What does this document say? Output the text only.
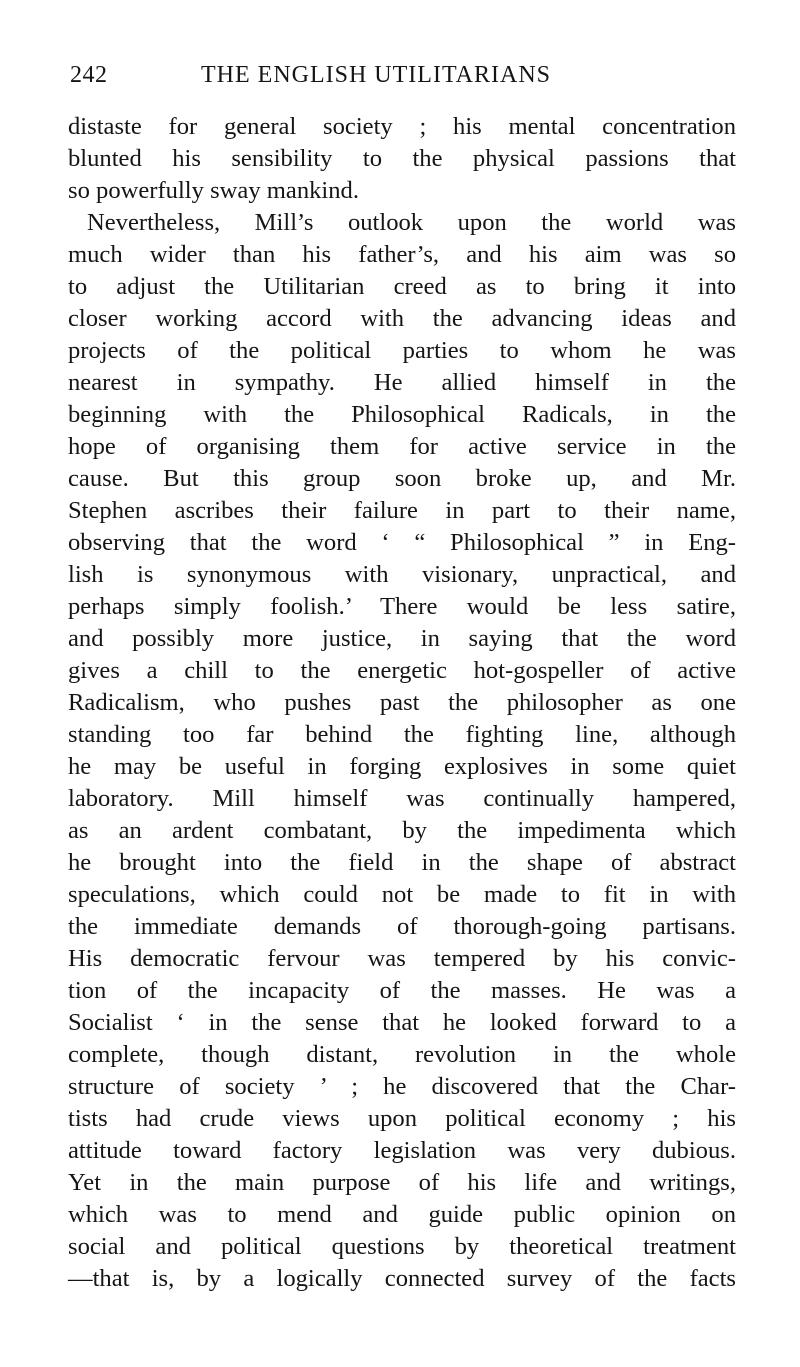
242	THE ENGLISH UTILITARIANS
distaste for general society ; his mental concentration
blunted his sensibility to the physical passions that
so powerfully sway mankind.
Nevertheless, Mill’s outlook upon the world was
much wider than his father’s, and his aim was so
to adjust the Utilitarian creed as to bring it into
closer working accord with the advancing ideas and
projects of the political parties to whom he was
nearest in sympathy. He allied himself in the
beginning with the Philosophical Radicals, in the
hope of organising them for active service in the
cause. But this group soon broke up, and Mr.
Stephen ascribes their failure in part to their name,
observing that the word ‘ “ Philosophical ” in Eng-
lish is synonymous with visionary, unpractical, and
perhaps simply foolish.’ There would be less satire,
and possibly more justice, in saying that the word
gives a chill to the energetic hot-gospeller of active
Radicalism, who pushes past the philosopher as one
standing too far behind the fighting line, although
he may be useful in forging explosives in some quiet
laboratory. Mill himself was continually hampered,
as an ardent combatant, by the impedimenta which
he brought into the field in the shape of abstract
speculations, which could not be made to fit in with
the immediate demands of thorough-going partisans.
His democratic fervour was tempered by his convic-
tion of the incapacity of the masses. He was a
Socialist ‘ in the sense that he looked forward to a
complete, though distant, revolution in the whole
structure of society ’ ; he discovered that the Char-
tists had crude views upon political economy ; his
attitude toward factory legislation was very dubious.
Yet in the main purpose of his life and writings,
which was to mend and guide public opinion on
social and political questions by theoretical treatment
—that is, by a logically connected survey of the facts
